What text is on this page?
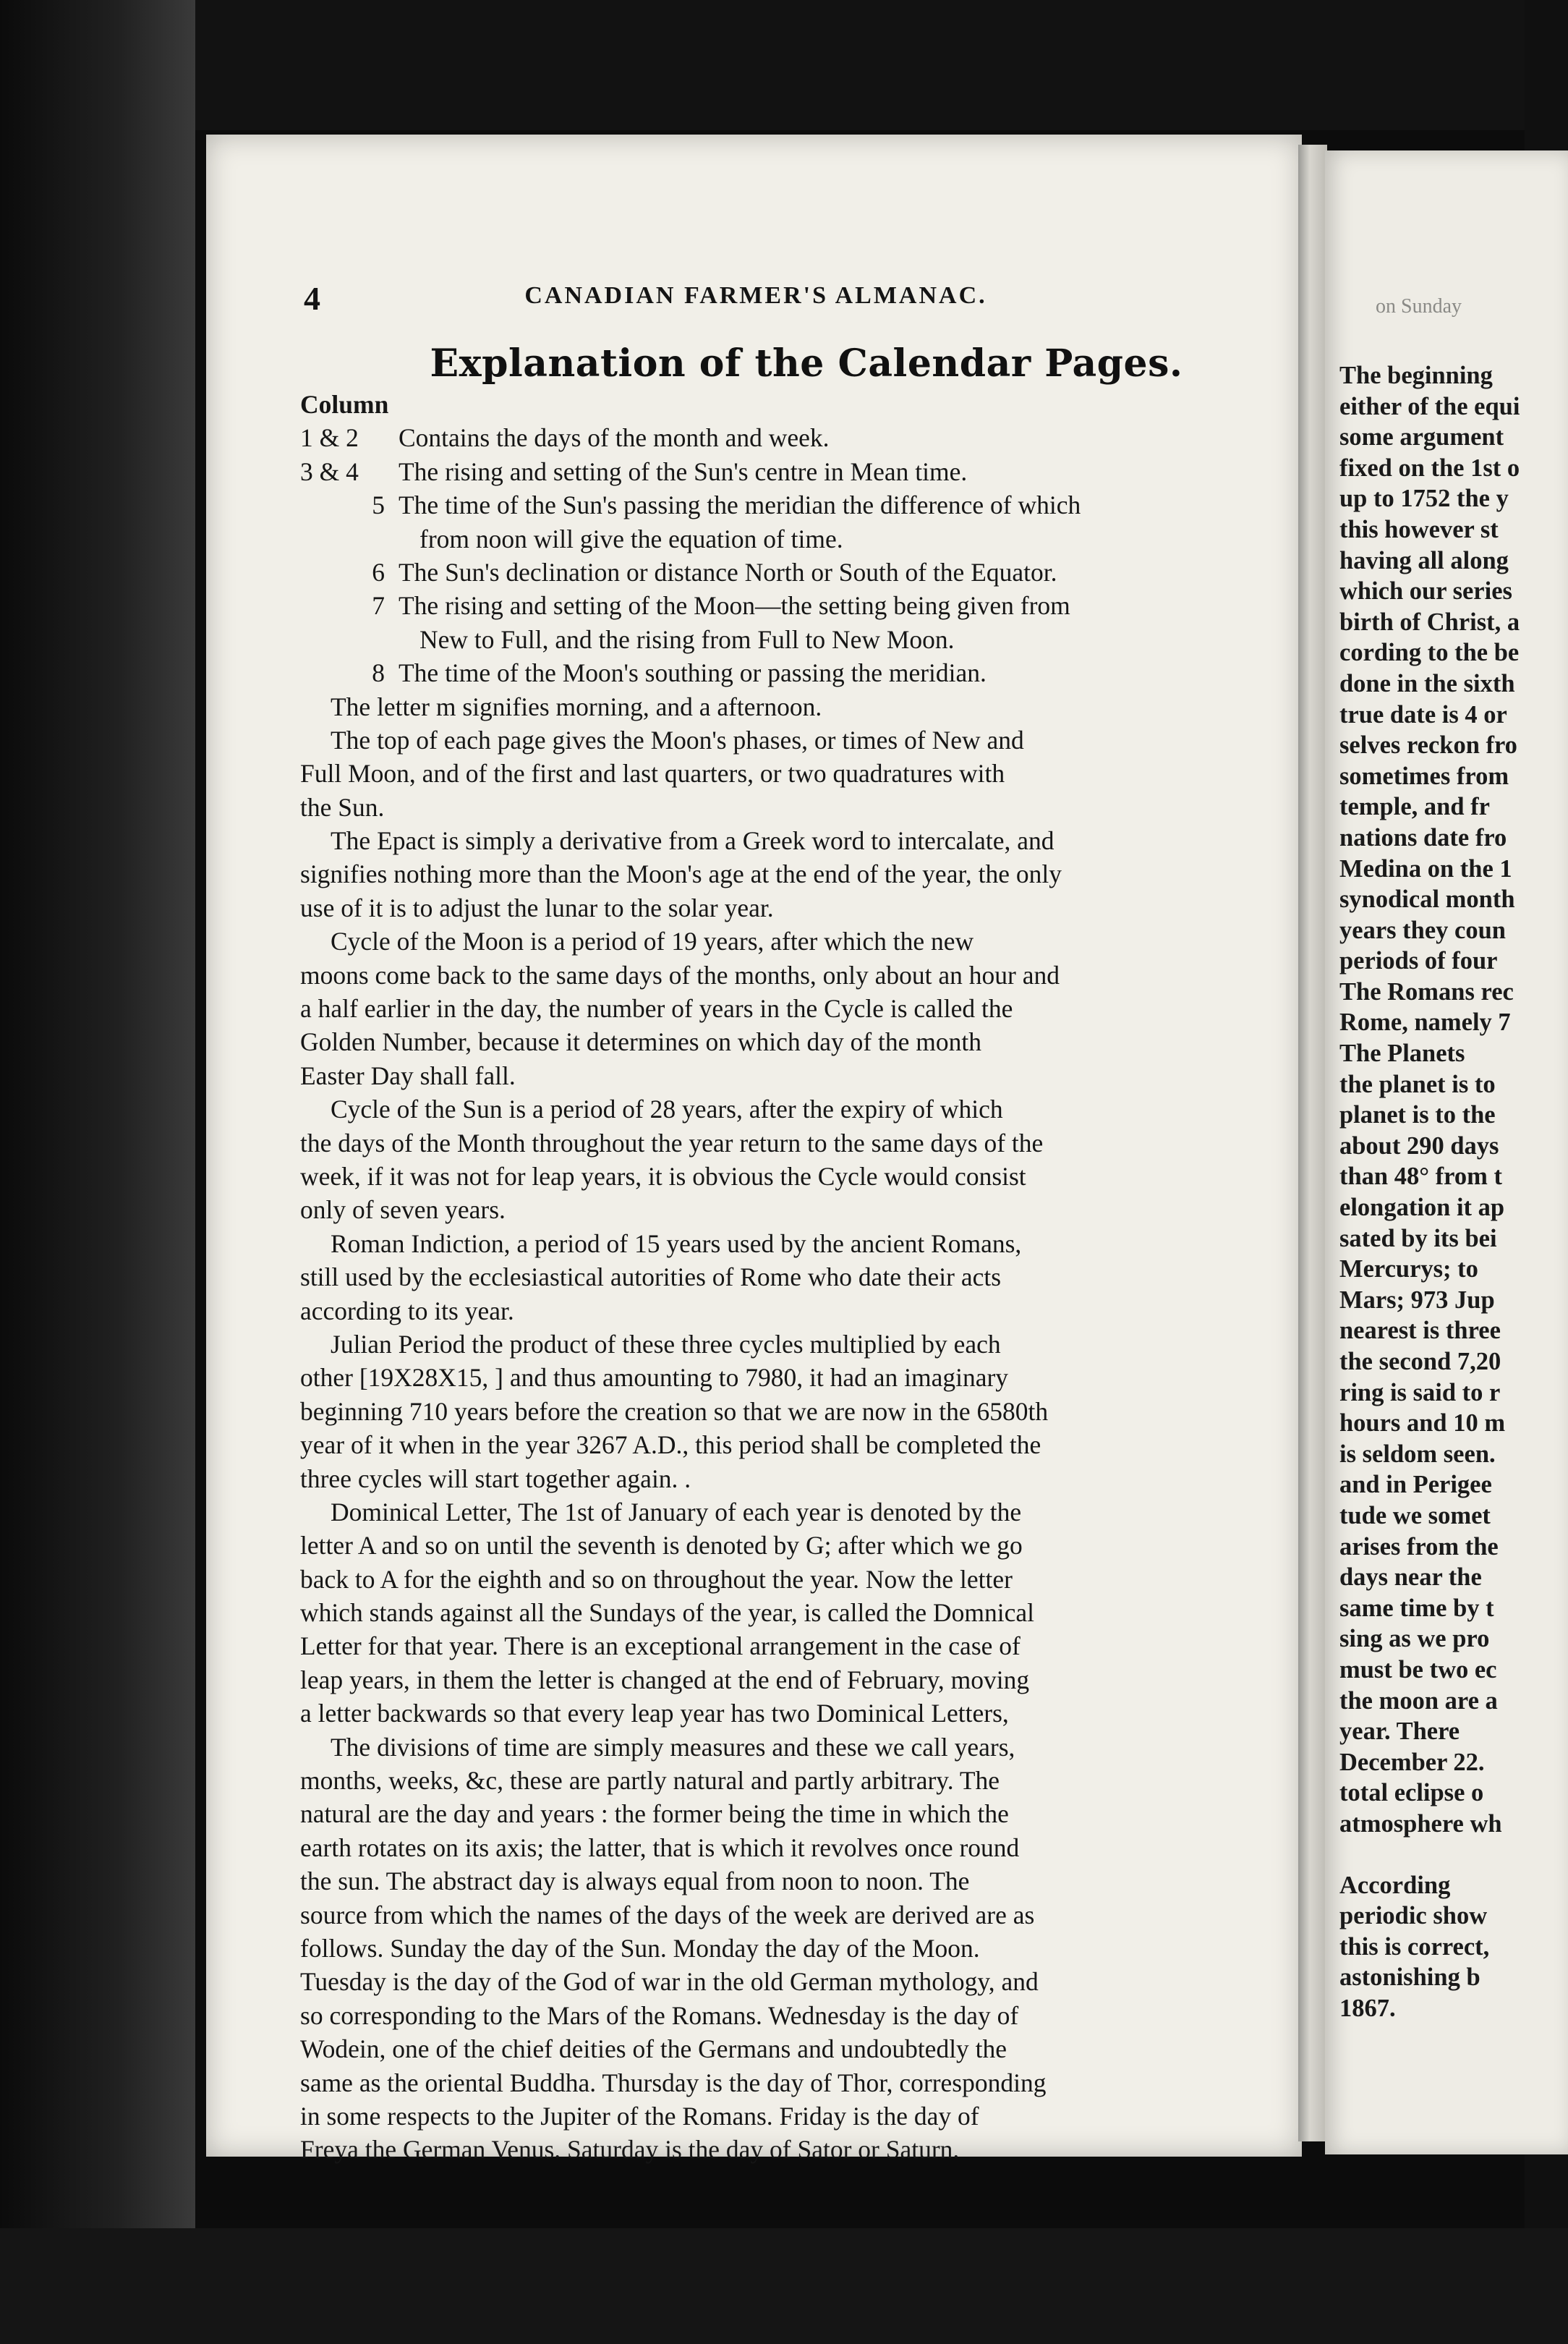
4	CANADIAN FARMER'S ALMANAC.
Explanation of the Calendar Pages.
Column
1 & 2	Contains the days of the month and week.
3 & 4	The rising and setting of the Sun's centre in Mean time.
5 The time of the Sun's passing the meridian the difference of which
from noon will give the equation of time.
6 The Sun's declination or distance North or South of the Equator.
7 The rising and setting of the Moon—the setting being given from
New to Full, and the rising from Full to New Moon.
8 The time of the Moon's southing or passing the meridian.
The letter m signifies morning, and a afternoon.
The top of each page gives the Moon's phases, or times of New and
Full Moon, and of the first and last quarters, or two quadratures with
the Sun.
The Epact is simply a derivative from a Greek word to intercalate, and
signifies nothing more than the Moon's age at the end of the year, the only
use of it is to adjust the lunar to the solar year.
Cycle of the Moon is a period of 19 years, after which the new
moons come back to the same days of the months, only about an hour and
a half earlier in the day, the number of years in the Cycle is called the
Golden Number, because it determines on which day of the month
Easter Day shall fall.
Cycle of the Sun is a period of 28 years, after the expiry of which
the days of the Month throughout the year return to the same days of the
week, if it was not for leap years, it is obvious the Cycle would consist
only of seven years.
Roman Indiction, a period of 15 years used by the ancient Romans,
still used by the ecclesiastical autorities of Rome who date their acts
according to its year.
Julian Period the product of these three cycles multiplied by each
other [19X28X15, ] and thus amounting to 7980, it had an imaginary
beginning 710 years before the creation so that we are now in the 6580th
year of it when in the year 3267 A.D., this period shall be completed the
three cycles will start together again. .
Dominical Letter, The 1st of January of each year is denoted by the
letter A and so on until the seventh is denoted by G; after which we go
back to A for the eighth and so on throughout the year. Now the letter
which stands against all the Sundays of the year, is called the Domnical
Letter for that year. There is an exceptional arrangement in the case of
leap years, in them the letter is changed at the end of February, moving
a letter backwards so that every leap year has two Dominical Letters,
The divisions of time are simply measures and these we call years,
months, weeks, &c, these are partly natural and partly arbitrary. The
natural are the day and years : the former being the time in which the
earth rotates on its axis; the latter, that is which it revolves once round
the sun. The abstract day is always equal from noon to noon. The
source from which the names of the days of the week are derived are as
follows. Sunday the day of the Sun. Monday the day of the Moon.
Tuesday is the day of the God of war in the old German mythology, and
so corresponding to the Mars of the Romans. Wednesday is the day of
Wodein, one of the chief deities of the Germans and undoubtedly the
same as the oriental Buddha. Thursday is the day of Thor, corresponding
in some respects to the Jupiter of the Romans. Friday is the day of
Freya the German Venus. Saturday is the day of Sator or Saturn.
on Sunday
The beginning
either of the equi
some argument
fixed on the 1st o
up to 1752 the y
this however st
having all along
which our series
birth of Christ, a
cording to the be
done in the sixth
true date is 4 or
selves reckon fro
sometimes from
temple, and fr
nations date fro
Medina on the 1
synodical month
years they coun
periods of four
The Romans rec
Rome, namely 7
The Planets
the planet is to
planet is to the
about 290 days
than 48° from t
elongation it ap
sated by its bei
Mercurys; to
Mars; 973 Jup
nearest is three
the second 7,20
ring is said to r
hours and 10 m
is seldom seen.
and in Perigee
tude we somet
arises from the
days near the
same time by t
sing as we pro
must be two ec
the moon are a
year. There
December 22.
total eclipse o
atmosphere wh
According
periodic show
this is correct,
astonishing b
1867.
